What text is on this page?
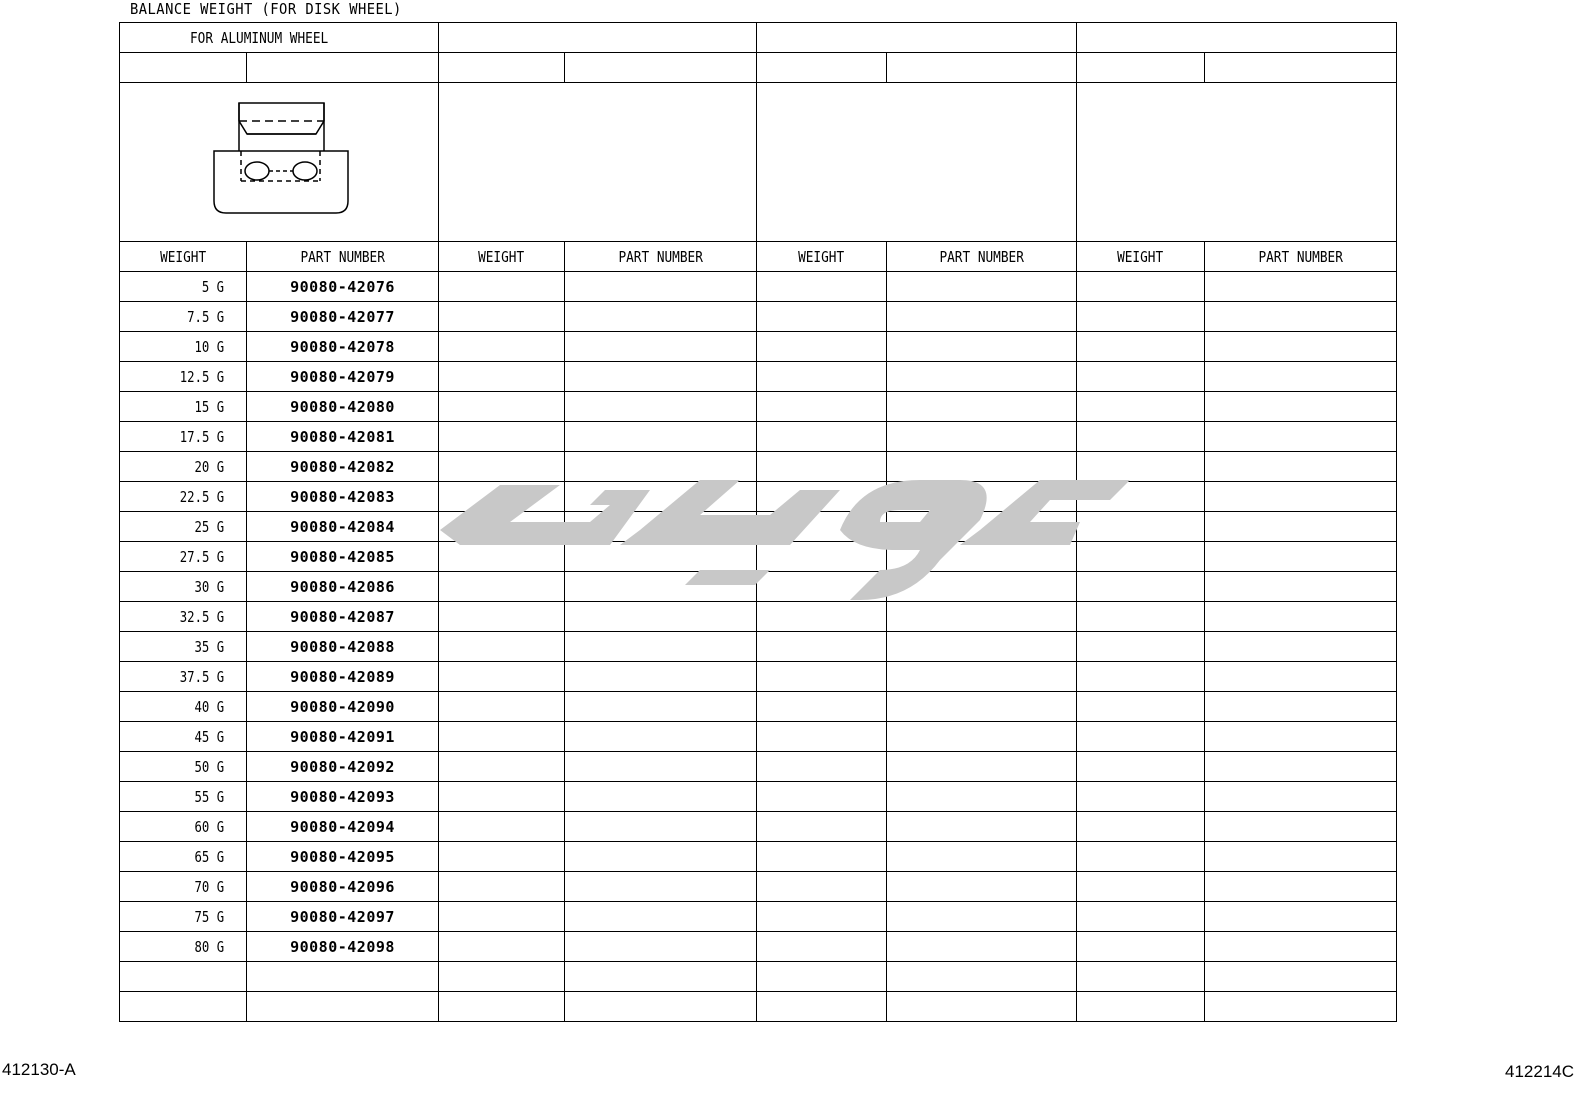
BALANCE WEIGHT (FOR DISK WHEEL)
FOR ALUMINUM WHEEL							

WEIGHT	PART NUMBER	WEIGHT	PART NUMBER	WEIGHT	PART NUMBER	WEIGHT	PART NUMBER
5 G	90080-42076						
7.5 G	90080-42077						
10 G	90080-42078						
12.5 G	90080-42079						
15 G	90080-42080						
17.5 G	90080-42081						
20 G	90080-42082						
22.5 G	90080-42083						
25 G	90080-42084						
27.5 G	90080-42085						
30 G	90080-42086						
32.5 G	90080-42087						
35 G	90080-42088						
37.5 G	90080-42089						
40 G	90080-42090						
45 G	90080-42091						
50 G	90080-42092						
55 G	90080-42093						
60 G	90080-42094						
65 G	90080-42095						
70 G	90080-42096						
75 G	90080-42097						
80 G	90080-42098						

412130-A	412214C
